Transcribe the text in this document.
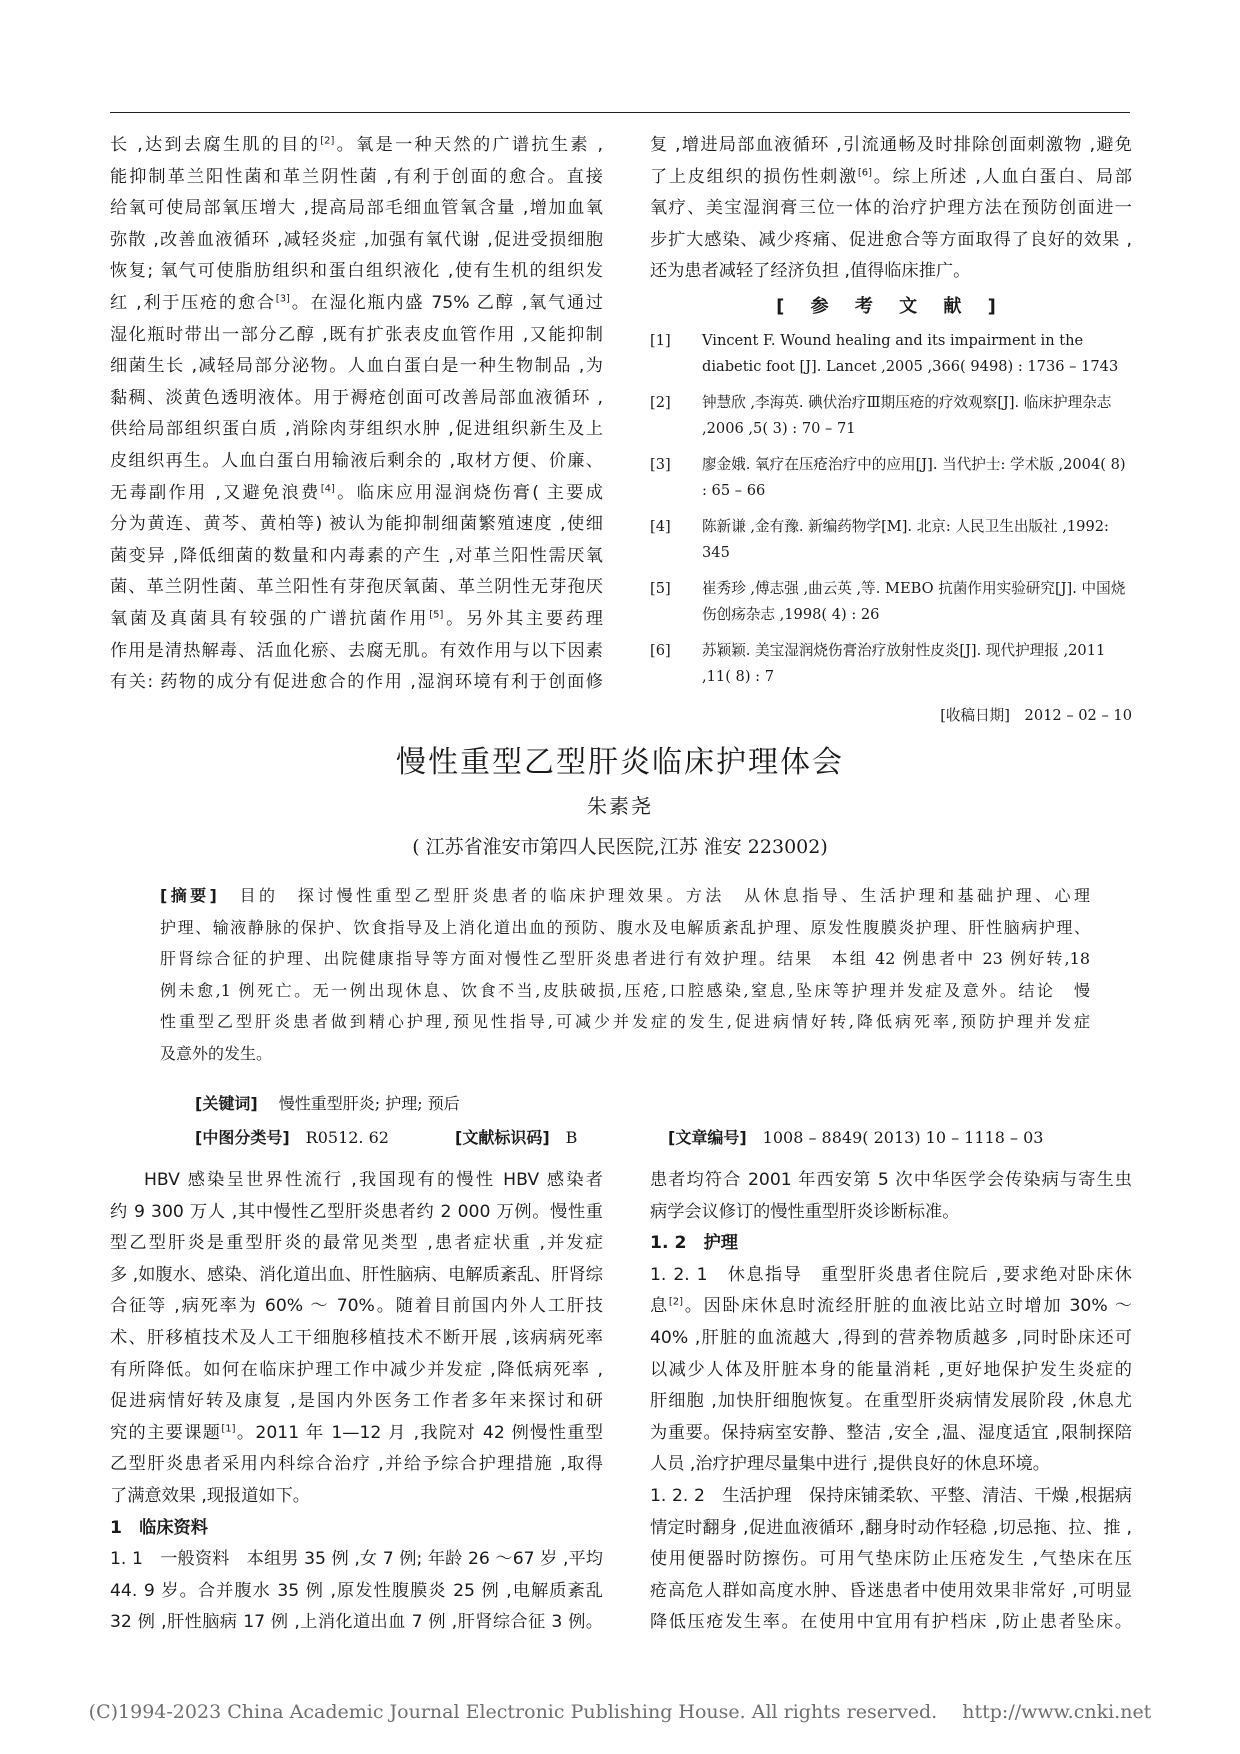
长 ,达到去腐生肌的目的[2]。氧是一种天然的广谱抗生素 ,
能抑制革兰阳性菌和革兰阴性菌 ,有利于创面的愈合。直接
给氧可使局部氧压增大 ,提高局部毛细血管氧含量 ,增加血氧
弥散 ,改善血液循环 ,减轻炎症 ,加强有氧代谢 ,促进受损细胞
恢复; 氧气可使脂肪组织和蛋白组织液化 ,使有生机的组织发
红 ,利于压疮的愈合[3]。在湿化瓶内盛 75% 乙醇 ,氧气通过
湿化瓶时带出一部分乙醇 ,既有扩张表皮血管作用 ,又能抑制
细菌生长 ,减轻局部分泌物。人血白蛋白是一种生物制品 ,为
黏稠、淡黄色透明液体。用于褥疮创面可改善局部血液循环 ,
供给局部组织蛋白质 ,消除肉芽组织水肿 ,促进组织新生及上
皮组织再生。人血白蛋白用输液后剩余的 ,取材方便、价廉、
无毒副作用 ,又避免浪费[4]。临床应用湿润烧伤膏( 主要成
分为黄连、黄芩、黄柏等) 被认为能抑制细菌繁殖速度 ,使细
菌变异 ,降低细菌的数量和内毒素的产生 ,对革兰阳性需厌氧
菌、革兰阴性菌、革兰阳性有芽孢厌氧菌、革兰阴性无芽孢厌
氧菌及真菌具有较强的广谱抗菌作用[5]。另外其主要药理
作用是清热解毒、活血化瘀、去腐无肌。有效作用与以下因素
有关: 药物的成分有促进愈合的作用 ,湿润环境有利于创面修
复 ,增进局部血液循环 ,引流通畅及时排除创面刺激物 ,避免
了上皮组织的损伤性刺激[6]。综上所述 ,人血白蛋白、局部
氧疗、美宝湿润膏三位一体的治疗护理方法在预防创面进一
步扩大感染、减少疼痛、促进愈合等方面取得了良好的效果 ,
还为患者减轻了经济负担 ,值得临床推广。
[ 参 考 文 献 ]
[1] Vincent F. Wound healing and its impairment in the diabetic foot [J]. Lancet ,2005 ,366( 9498) : 1736 – 1743
[2] 钟慧欣 ,李海英. 碘伏治疗Ⅲ期压疮的疗效观察[J]. 临床护理杂志 ,2006 ,5( 3) : 70 – 71
[3] 廖金娥. 氧疗在压疮治疗中的应用[J]. 当代护士: 学术版 ,2004( 8) : 65 – 66
[4] 陈新谦 ,金有豫. 新编药物学[M]. 北京: 人民卫生出版社 ,1992: 345
[5] 崔秀珍 ,傅志强 ,曲云英 ,等. MEBO 抗菌作用实验研究[J]. 中国烧伤创疡杂志 ,1998( 4) : 26
[6] 苏颖颖. 美宝湿润烧伤膏治疗放射性皮炎[J]. 现代护理报 ,2011 ,11( 8) : 7
[收稿日期]　2012 – 02 – 10
慢性重型乙型肝炎临床护理体会
朱素尧
( 江苏省淮安市第四人民医院,江苏 淮安 223002)
[摘要]　 目的　探讨慢性重型乙型肝炎患者的临床护理效果。方法　从休息指导、生活护理和基础护理、心理
护理、输液静脉的保护、饮食指导及上消化道出血的预防、腹水及电解质紊乱护理、原发性腹膜炎护理、肝性脑病护理、
肝肾综合征的护理、出院健康指导等方面对慢性乙型肝炎患者进行有效护理。结果　本组 42 例患者中 23 例好转,18
例未愈,1 例死亡。无一例出现休息、饮食不当,皮肤破损,压疮,口腔感染,窒息,坠床等护理并发症及意外。结论　慢
性重型乙型肝炎患者做到精心护理,预见性指导,可减少并发症的发生,促进病情好转,降低病死率,预防护理并发症
及意外的发生。
[关键词]　 慢性重型肝炎; 护理; 预后
[中图分类号]　 R0512. 62	[文献标识码]　 B	[文章编号]　 1008 – 8849( 2013) 10 – 1118 – 03
HBV 感染呈世界性流行 ,我国现有的慢性 HBV 感染者
约 9 300 万人 ,其中慢性乙型肝炎患者约 2 000 万例。慢性重
型乙型肝炎是重型肝炎的最常见类型 ,患者症状重 ,并发症
多 ,如腹水、感染、消化道出血、肝性脑病、电解质紊乱、肝肾综
合征等 ,病死率为 60% ～ 70%。随着目前国内外人工肝技
术、肝移植技术及人工干细胞移植技术不断开展 ,该病病死率
有所降低。如何在临床护理工作中减少并发症 ,降低病死率 ,
促进病情好转及康复 ,是国内外医务工作者多年来探讨和研
究的主要课题[1]。2011 年 1—12 月 ,我院对 42 例慢性重型
乙型肝炎患者采用内科综合治疗 ,并给予综合护理措施 ,取得
了满意效果 ,现报道如下。
1　临床资料
1. 1　一般资料　本组男 35 例 ,女 7 例; 年龄 26 ～67 岁 ,平均
44. 9 岁。合并腹水 35 例 ,原发性腹膜炎 25 例 ,电解质紊乱
32 例 ,肝性脑病 17 例 ,上消化道出血 7 例 ,肝肾综合征 3 例。
患者均符合 2001 年西安第 5 次中华医学会传染病与寄生虫
病学会议修订的慢性重型肝炎诊断标准。
1. 2　护理
1. 2. 1　休息指导　重型肝炎患者住院后 ,要求绝对卧床休
息[2]。因卧床休息时流经肝脏的血液比站立时增加 30% ～
40% ,肝脏的血流越大 ,得到的营养物质越多 ,同时卧床还可
以减少人体及肝脏本身的能量消耗 ,更好地保护发生炎症的
肝细胞 ,加快肝细胞恢复。在重型肝炎病情发展阶段 ,休息尤
为重要。保持病室安静、整洁 ,安全 ,温、湿度适宜 ,限制探陪
人员 ,治疗护理尽量集中进行 ,提供良好的休息环境。
1. 2. 2　生活护理　保持床铺柔软、平整、清洁、干燥 ,根据病
情定时翻身 ,促进血液循环 ,翻身时动作轻稳 ,切忌拖、拉、推 ,
使用便器时防擦伤。可用气垫床防止压疮发生 ,气垫床在压
疮高危人群如高度水肿、昏迷患者中使用效果非常好 ,可明显
降低压疮发生率。在使用中宜用有护档床 ,防止患者坠床。
(C)1994-2023 China Academic Journal Electronic Publishing House. All rights reserved.　 http://www.cnki.net
